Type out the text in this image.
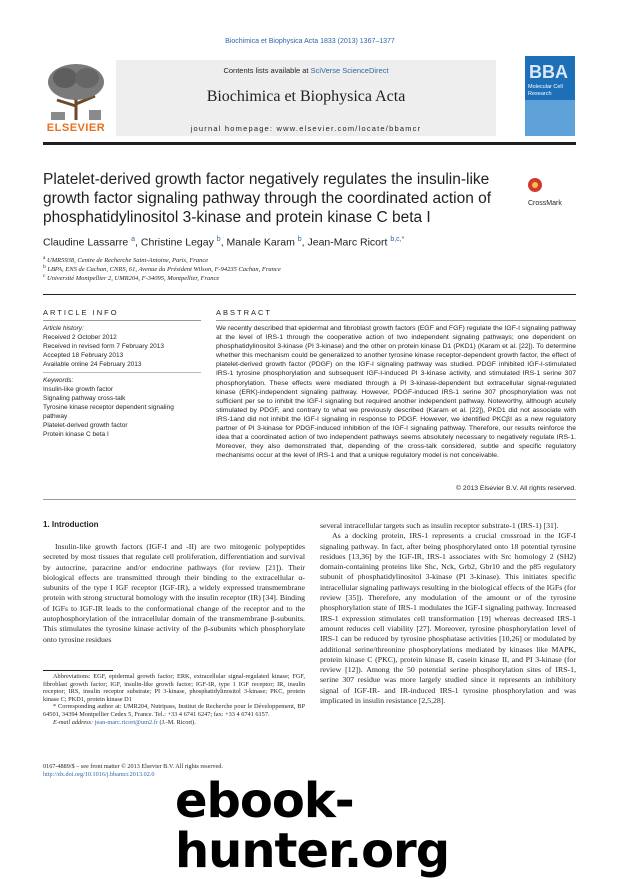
Biochimica et Biophysica Acta 1833 (2013) 1367–1377
ELSEVIER
Contents lists available at SciVerse ScienceDirect
Biochimica et Biophysica Acta
journal homepage: www.elsevier.com/locate/bbamcr
BBA
Molecular Cell Research
Platelet-derived growth factor negatively regulates the insulin-like growth factor signaling pathway through the coordinated action of phosphatidylinositol 3-kinase and protein kinase C beta I
CrossMark
Claudine Lassarre $^a$, Christine Legay $^b$, Manale Karam $^b$, Jean-Marc Ricort $^{b,c,*}$
$^a$ UMR5938, Centre de Recherche Saint-Antoine, Paris, France
$^b$ LBPA, ENS de Cachan, CNRS, 61, Avenue du Président Wilson, F-94235 Cachan, France
$^c$ Université Montpellier 2, UMR204, F-34095, Montpellier, France
ARTICLE INFO	ABSTRACT
Article history:
Received 2 October 2012
Received in revised form 7 February 2013
Accepted 18 February 2013
Available online 24 February 2013
Keywords:
Insulin-like growth factor
Signaling pathway cross-talk
Tyrosine kinase receptor dependent signaling
pathway
Platelet-derived growth factor
Protein kinase C beta I
We recently described that epidermal and fibroblast growth factors (EGF and FGF) regulate the IGF-I signaling pathway at the level of IRS-1 through the cooperative action of two independent signaling pathways; one dependent on phosphatidylinositol 3-kinase (PI 3-kinase) and the other on protein kinase D1 (PKD1) (Karam et al. [22]). To determine whether this mechanism could be generalized to another tyrosine kinase receptor-dependent growth factor, the effect of platelet-derived growth factor (PDGF) on the IGF-I signaling pathway was studied. PDGF inhibited IGF-I-stimulated IRS-1 tyrosine phosphorylation and subsequent IGF-I-induced PI 3-kinase activity, and stimulated IRS-1 serine 307 phosphorylation. These effects were mediated through a PI 3-kinase-dependent but extracellular signal-regulated kinase (ERK)-independent signaling pathway. However, PDGF-induced IRS-1 serine 307 phosphorylation was not sufficient per se to inhibit the IGF-I signaling but required another independent pathway. Noteworthy, although acutely stimulated by PDGF, and contrary to what we previously described (Karam et al. [22]), PKD1 did not associate with IRS-1and did not inhibit the IGF-I signaling in response to PDGF. However, we identified PKCβI as a new regulatory partner of PI 3-kinase for PDGF-induced inhibition of the IGF-I signaling pathway. Therefore, our results reinforce the idea that a coordinated action of two independent pathways seems absolutely necessary to negatively regulate IRS-1. Moreover, they also demonstrated that, depending of the cross-talk considered, subtle and specific regulatory mechanisms occur at the level of IRS-1 and that a unique regulatory model is not conceivable.
© 2013 Elsevier B.V. All rights reserved.
1. Introduction

Insulin-like growth factors (IGF-I and -II) are two mitogenic polypeptides secreted by most tissues that regulate cell proliferation, differentiation and survival by autocrine, paracrine and/or endocrine pathways (for review [21]). Their biological effects are transmitted through their binding to the extracellular α-subunits of the type I IGF receptor (IGF-IR), a widely expressed transmembrane protein with strong structural homology with the insulin receptor (IR) [34]. Binding of IGFs to IGF-IR leads to the conformational change of the receptor and to the autophosphorylation of the intracellular domain of the transmembrane β-subunits. This stimulates the tyrosine kinase activity of the β-subunits which phosphorylate onto tyrosine residues

several intracellular targets such as insulin receptor substrate-1 (IRS-1) [31].

As a docking protein, IRS-1 represents a crucial crossroad in the IGF-I signaling pathway. In fact, after being phosphorylated onto 18 potential tyrosine residues [13,36] by the IGF-IR, IRS-1 associates with Src homology 2 (SH2) domain-containing proteins like Shc, Nck, Grb2, Gbr10 and the p85 regulatory subunit of phosphatidylinositol 3-kinase (PI 3-kinase). This initiates specific intracellular signaling pathways resulting in the biological effects of the IGFs (for review [35]). Therefore, any modulation of the amount or of the tyrosine phosphorylation state of IRS-1 modulates the IGF-I signaling pathway. Increased IRS-1 expression stimulates cell transformation [19] whereas decreased IRS-1 amount reduces cell viability [27]. Moreover, tyrosine phosphorylation level of IRS-1 can be reduced by tyrosine phosphatase activities [10,26] or modulated by additional serine/threonine phosphorylations mediated by kinases like MAPK, protein kinase C (PKC), protein kinase B, casein kinase II, and PI 3-kinase (for review [12]). Among the 50 potential serine phosphorylation sites of IRS-1, serine 307 residue was more largely studied since it represents an inhibitory signal of IGF-IR- and IR-induced IRS-1 tyrosine phosphorylation and was implicated in insulin resistance [2,5,28].

Abbreviations: EGF, epidermal growth factor; ERK, extracellular signal-regulated kinase; FGF, fibroblast growth factor; IGF, insulin-like growth factor; IGF-IR, type 1 IGF receptor; IR, insulin receptor; IRS, insulin receptor substrate; PI 3-kinase, phosphatidylinositol 3-kinase; PKC, protein kinase C; PKD1, protein kinase D1

* Corresponding author at: UMR204, Nutripass, Institut de Recherche pour le Développement, BP 64501, 34394 Montpellier Cedex 5, France. Tel.: +33 4 6741 6247; fax: +33 4 6741 6157.

E-mail address: jean-marc.ricort@um2.fr (J.-M. Ricort).

0167-4889/$ – see front matter © 2013 Elsevier B.V. All rights reserved.
http://dx.doi.org/10.1016/j.bbamcr.2013.02.0 ebook-hunter.org
